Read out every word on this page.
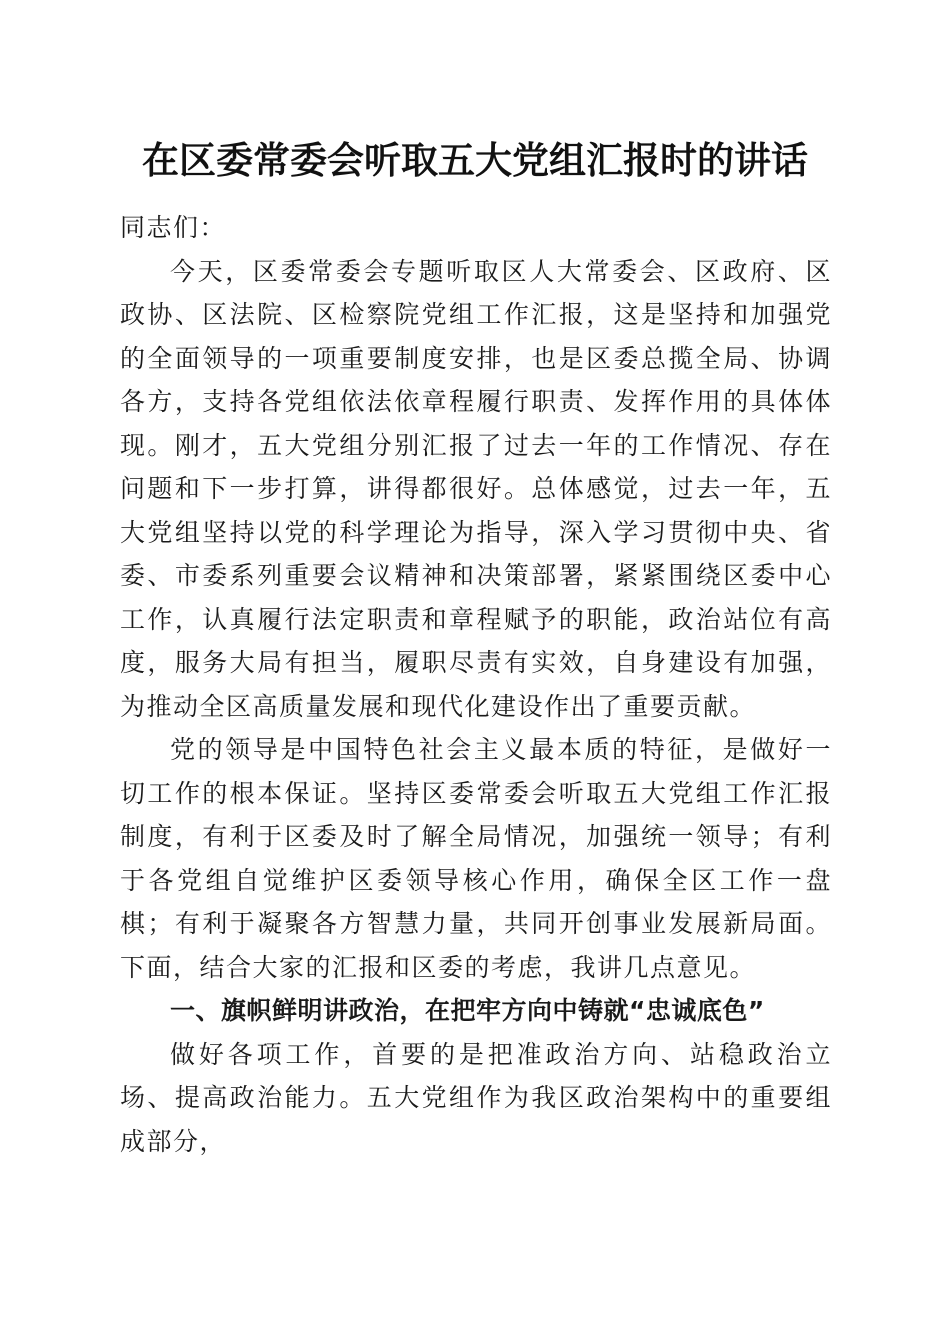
在区委常委会听取五大党组汇报时的讲话

同志们：

今天，区委常委会专题听取区人大常委会、区政府、区政协、区法院、区检察院党组工作汇报，这是坚持和加强党的全面领导的一项重要制度安排，也是区委总揽全局、协调各方，支持各党组依法依章程履行职责、发挥作用的具体体现。刚才，五大党组分别汇报了过去一年的工作情况、存在问题和下一步打算，讲得都很好。总体感觉，过去一年，五大党组坚持以党的科学理论为指导，深入学习贯彻中央、省委、市委系列重要会议精神和决策部署，紧紧围绕区委中心工作，认真履行法定职责和章程赋予的职能，政治站位有高度，服务大局有担当，履职尽责有实效，自身建设有加强，为推动全区高质量发展和现代化建设作出了重要贡献。

党的领导是中国特色社会主义最本质的特征，是做好一切工作的根本保证。坚持区委常委会听取五大党组工作汇报制度，有利于区委及时了解全局情况，加强统一领导；有利于各党组自觉维护区委领导核心作用，确保全区工作一盘棋；有利于凝聚各方智慧力量，共同开创事业发展新局面。下面，结合大家的汇报和区委的考虑，我讲几点意见。

一、旗帜鲜明讲政治，在把牢方向中铸就“忠诚底色”

做好各项工作，首要的是把准政治方向、站稳政治立场、提高政治能力。五大党组作为我区政治架构中的重要组成部分，
